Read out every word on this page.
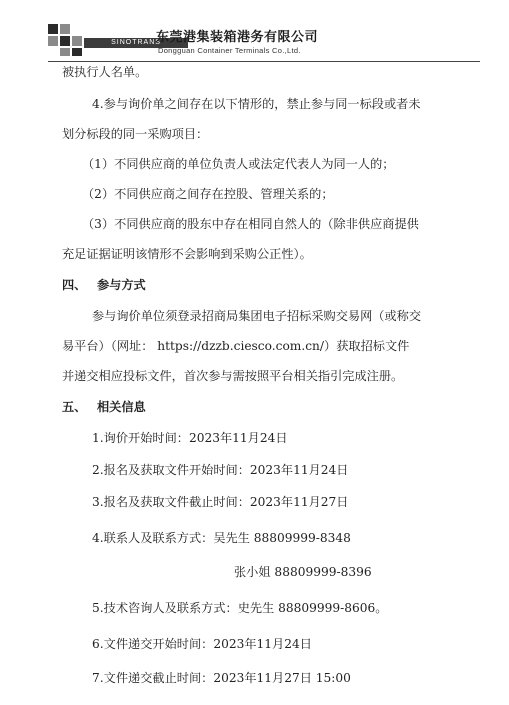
SINOTRANS
东莞港集装箱港务有限公司
Dongguan Container Terminals Co.,Ltd.
被执行人名单。
4.参与询价单之间存在以下情形的，禁止参与同一标段或者未
划分标段的同一采购项目：
（1）不同供应商的单位负责人或法定代表人为同一人的；
（2）不同供应商之间存在控股、管理关系的；
（3）不同供应商的股东中存在相同自然人的（除非供应商提供
充足证据证明该情形不会影响到采购公正性）。
四、 参与方式
参与询价单位须登录招商局集团电子招标采购交易网（或称交
易平台）（网址： https://dzzb.ciesco.com.cn/）获取招标文件
并递交相应投标文件，首次参与需按照平台相关指引完成注册。
五、 相关信息
1.询价开始时间：2023年11月24日
2.报名及获取文件开始时间：2023年11月24日
3.报名及获取文件截止时间：2023年11月27日
4.联系人及联系方式：吴先生 88809999-8348
张小姐 88809999-8396
5.技术咨询人及联系方式：史先生 88809999-8606。
6.文件递交开始时间：2023年11月24日
7.文件递交截止时间：2023年11月27日 15:00
